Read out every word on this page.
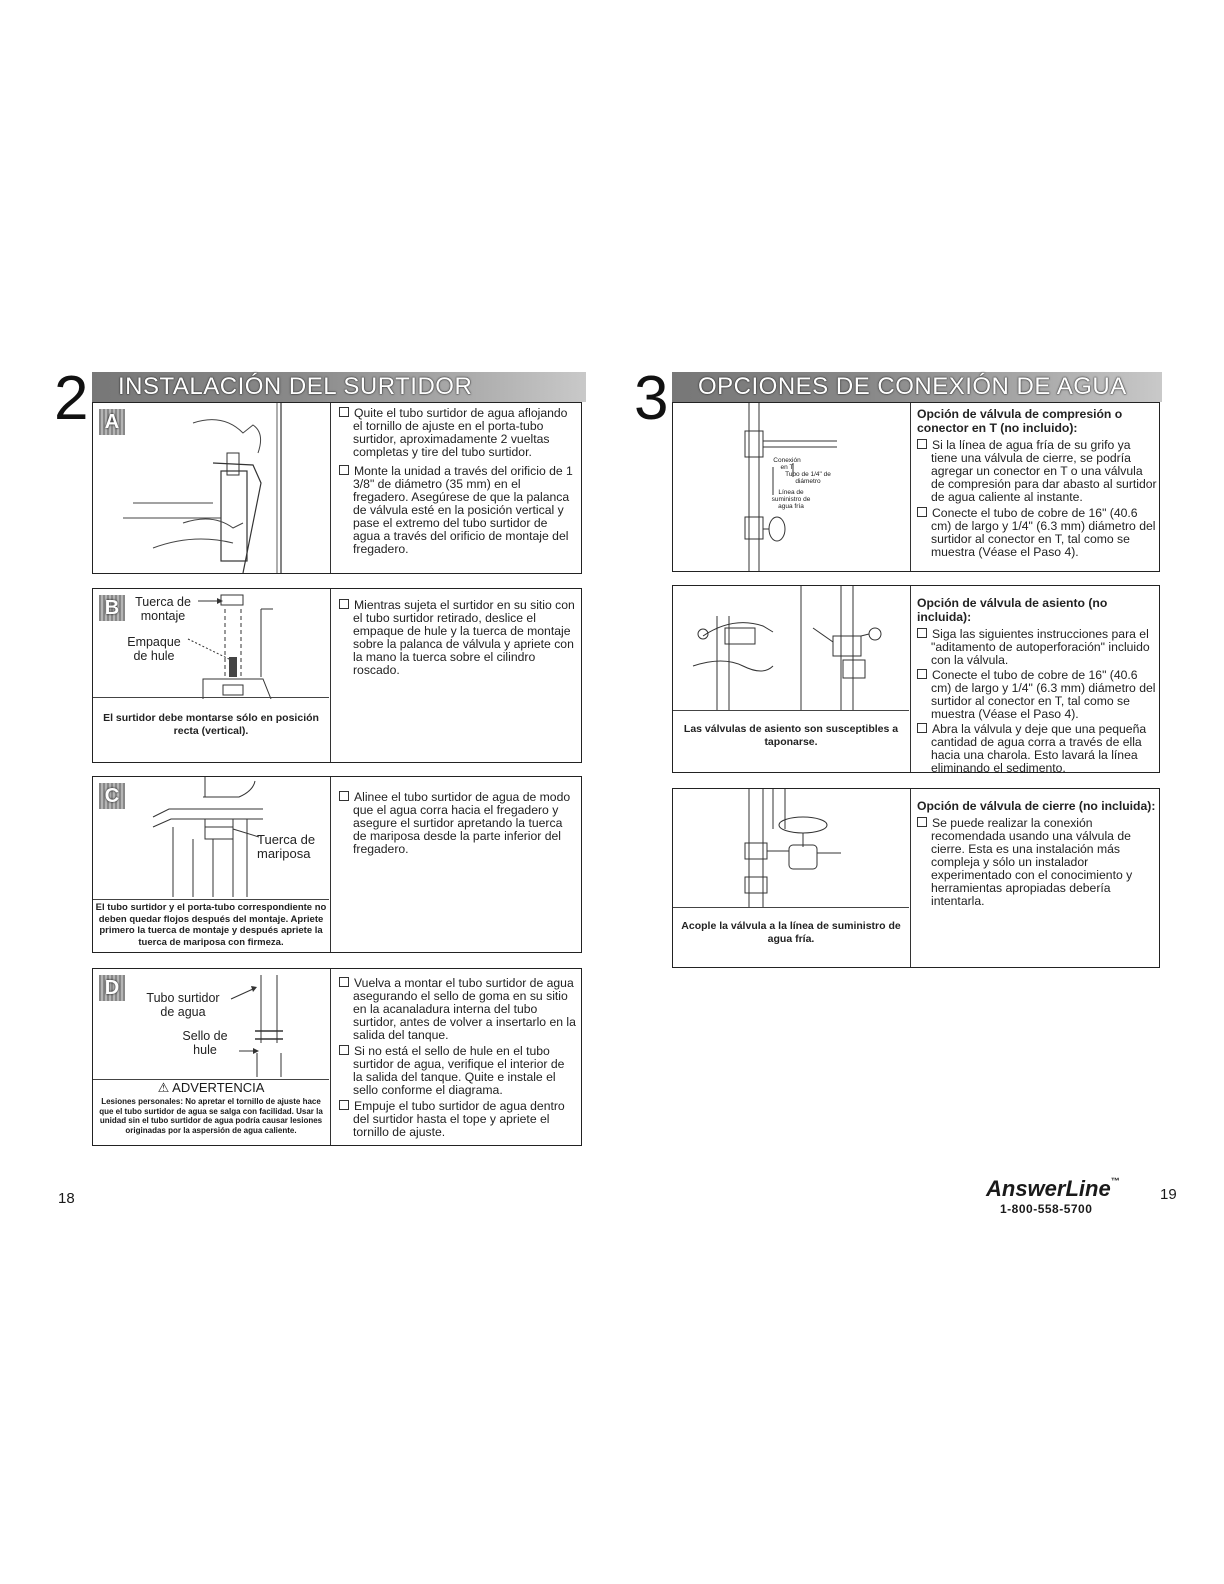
2	INSTALACIÓN DEL SURTIDOR
A	Quite el tubo surtidor de agua aflojando el tornillo de ajuste en el porta-tubo surtidor, aproximadamente 2 vueltas completas y tire del tubo surtidor.

Monte la unidad a través del orificio de 1 3/8" de diámetro (35 mm) en el fregadero. Asegúrese de que la palanca de válvula esté en la posición vertical y pase el extremo del tubo surtidor de agua a través del orificio de montaje del fregadero.

B	Tuerca de montaje
Empaque de hule
El surtidor debe montarse sólo en posición recta (vertical).

Mientras sujeta el surtidor en su sitio con el tubo surtidor retirado, deslice el empaque de hule y la tuerca de montaje sobre la palanca de válvula y apriete con la mano la tuerca sobre el cilindro roscado.

C
Tuerca de mariposa
El tubo surtidor y el porta-tubo correspondiente no deben quedar flojos después del montaje. Apriete primero la tuerca de montaje y después apriete la tuerca de mariposa con firmeza.

Alinee el tubo surtidor de agua de modo que el agua corra hacia el fregadero y asegure el surtidor apretando la tuerca de mariposa desde la parte inferior del fregadero.

D	Tubo surtidor de agua
Sello de hule
⚠ ADVERTENCIA
Lesiones personales: No apretar el tornillo de ajuste hace que el tubo surtidor de agua se salga con facilidad. Usar la unidad sin el tubo surtidor de agua podría causar lesiones originadas por la aspersión de agua caliente.

Vuelva a montar el tubo surtidor de agua asegurando el sello de goma en su sitio en la acanaladura interna del tubo surtidor, antes de volver a insertarlo en la salida del tanque.

Si no está el sello de hule en el tubo surtidor de agua, verifique el interior de la salida del tanque. Quite e instale el sello conforme el diagrama.

Empuje el tubo surtidor de agua dentro del surtidor hasta el tope y apriete el tornillo de ajuste.

3	OPCIONES DE CONEXIÓN DE AGUA
Conexión en T
Tubo de 1/4" de diámetro
Línea de suministro de agua fría

Opción de válvula de compresión o conector en T (no incluido):

Si la línea de agua fría de su grifo ya tiene una válvula de cierre, se podría agregar un conector en T o una válvula de compresión para dar abasto al surtidor de agua caliente al instante.

Conecte el tubo de cobre de 16" (40.6 cm) de largo y 1/4" (6.3 mm) diámetro del surtidor al conector en T, tal como se muestra (Véase el Paso 4).

Las válvulas de asiento son susceptibles a taponarse.

Opción de válvula de asiento (no incluida):

Siga las siguientes instrucciones para el "aditamento de autoperforación" incluido con la válvula.

Conecte el tubo de cobre de 16" (40.6 cm) de largo y 1/4" (6.3 mm) diámetro del surtidor al conector en T, tal como se muestra (Véase el Paso 4).

Abra la válvula y deje que una pequeña cantidad de agua corra a través de ella hacia una charola. Esto lavará la línea eliminando el sedimento.

Acople la válvula a la línea de suministro de agua fría.

Opción de válvula de cierre (no incluida):

Se puede realizar la conexión recomendada usando una válvula de cierre. Esta es una instalación más compleja y sólo un instalador experimentado con el conocimiento y herramientas apropiadas debería intentarla.

18	19
AnswerLine™
1-800-558-5700
